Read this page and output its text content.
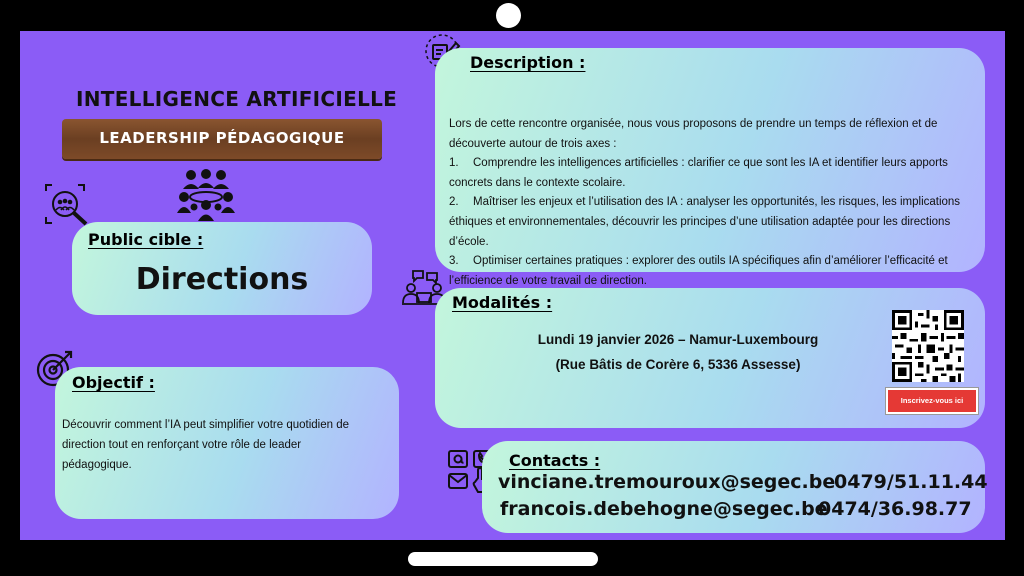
INTELLIGENCE ARTIFICIELLE
LEADERSHIP PÉDAGOGIQUE
Public cible :
Directions
Objectif :
Découvrir comment l’IA peut simplifier votre quotidien de direction tout en renforçant votre rôle de leader pédagogique.
Description :

Lors de cette rencontre organisée, nous vous proposons de prendre un temps de réflexion et de découverte autour de trois axes :

1. Comprendre les intelligences artificielles : clarifier ce que sont les IA et identifier leurs apports concrets dans le contexte scolaire.

2. Maîtriser les enjeux et l’utilisation des IA : analyser les opportunités, les risques, les implications éthiques et environnementales, découvrir les principes d’une utilisation adaptée pour les directions d’école.

3. Optimiser certaines pratiques : explorer des outils IA spécifiques afin d’améliorer l’efficacité et l’efficience de votre travail de direction.

Modalités :
Lundi 19 janvier 2026 – Namur-Luxembourg
(Rue Bâtis de Corère 6, 5336 Assesse)
Inscrivez-vous ici
Contacts :
vinciane.tremouroux@segec.be
0479/51.11.44
francois.debehogne@segec.be
0474/36.98.77
